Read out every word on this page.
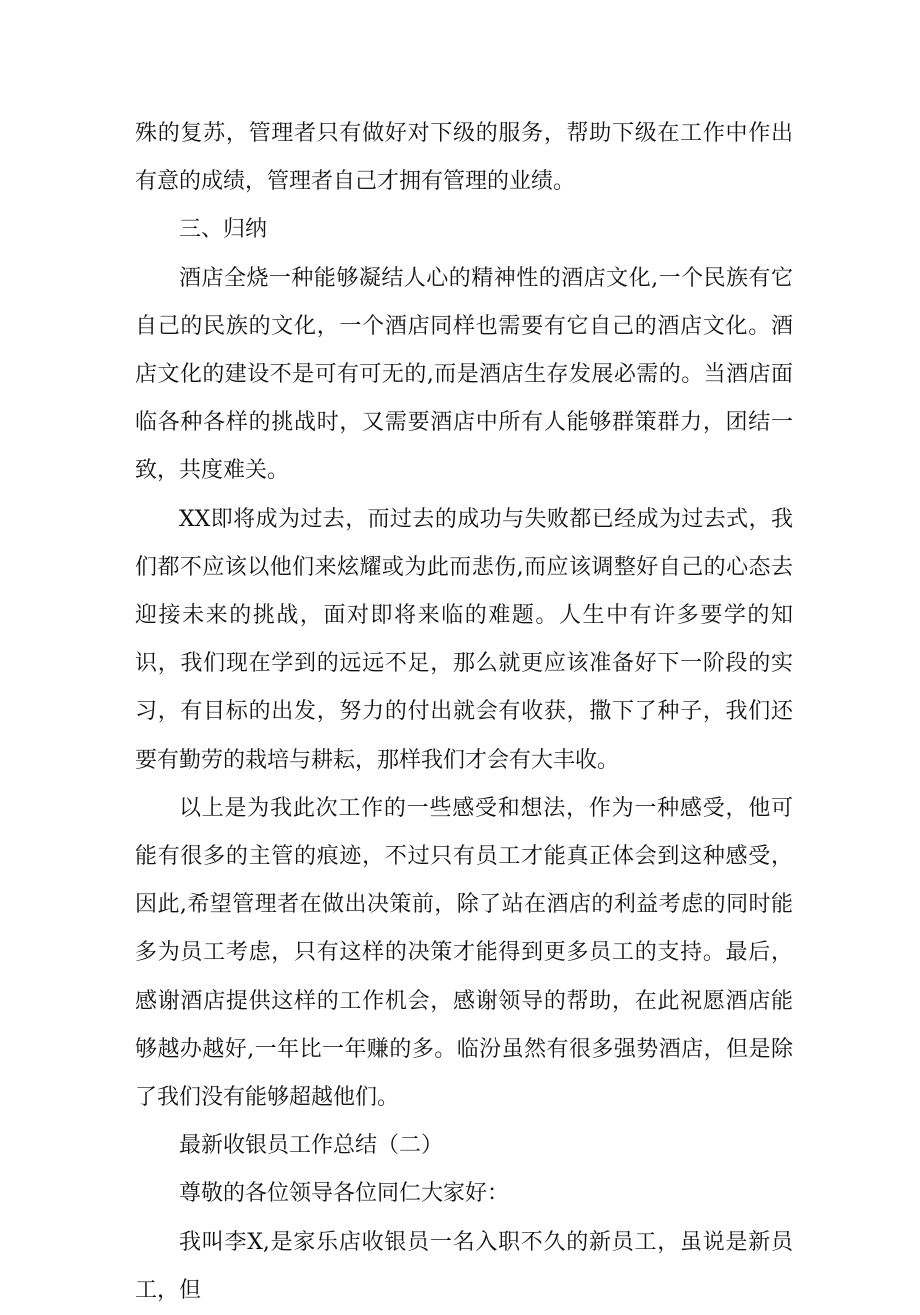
殊的复苏，管理者只有做好对下级的服务，帮助下级在工作中作出有意的成绩，管理者自己才拥有管理的业绩。

三、归纳

酒店全烧一种能够凝结人心的精神性的酒店文化,一个民族有它自己的民族的文化，一个酒店同样也需要有它自己的酒店文化。酒店文化的建设不是可有可无的,而是酒店生存发展必需的。当酒店面临各种各样的挑战时，又需要酒店中所有人能够群策群力，团结一致，共度难关。

XX即将成为过去，而过去的成功与失败都已经成为过去式，我们都不应该以他们来炫耀或为此而悲伤,而应该调整好自己的心态去迎接未来的挑战，面对即将来临的难题。人生中有许多要学的知识，我们现在学到的远远不足，那么就更应该准备好下一阶段的实习，有目标的出发，努力的付出就会有收获，撒下了种子，我们还要有勤劳的栽培与耕耘，那样我们才会有大丰收。

以上是为我此次工作的一些感受和想法，作为一种感受，他可能有很多的主管的痕迹，不过只有员工才能真正体会到这种感受，因此,希望管理者在做出决策前，除了站在酒店的利益考虑的同时能多为员工考虑，只有这样的决策才能得到更多员工的支持。最后，感谢酒店提供这样的工作机会，感谢领导的帮助，在此祝愿酒店能够越办越好,一年比一年赚的多。临汾虽然有很多强势酒店，但是除了我们没有能够超越他们。

最新收银员工作总结（二）

尊敬的各位领导各位同仁大家好：

我叫李X,是家乐店收银员一名入职不久的新员工，虽说是新员工，但
